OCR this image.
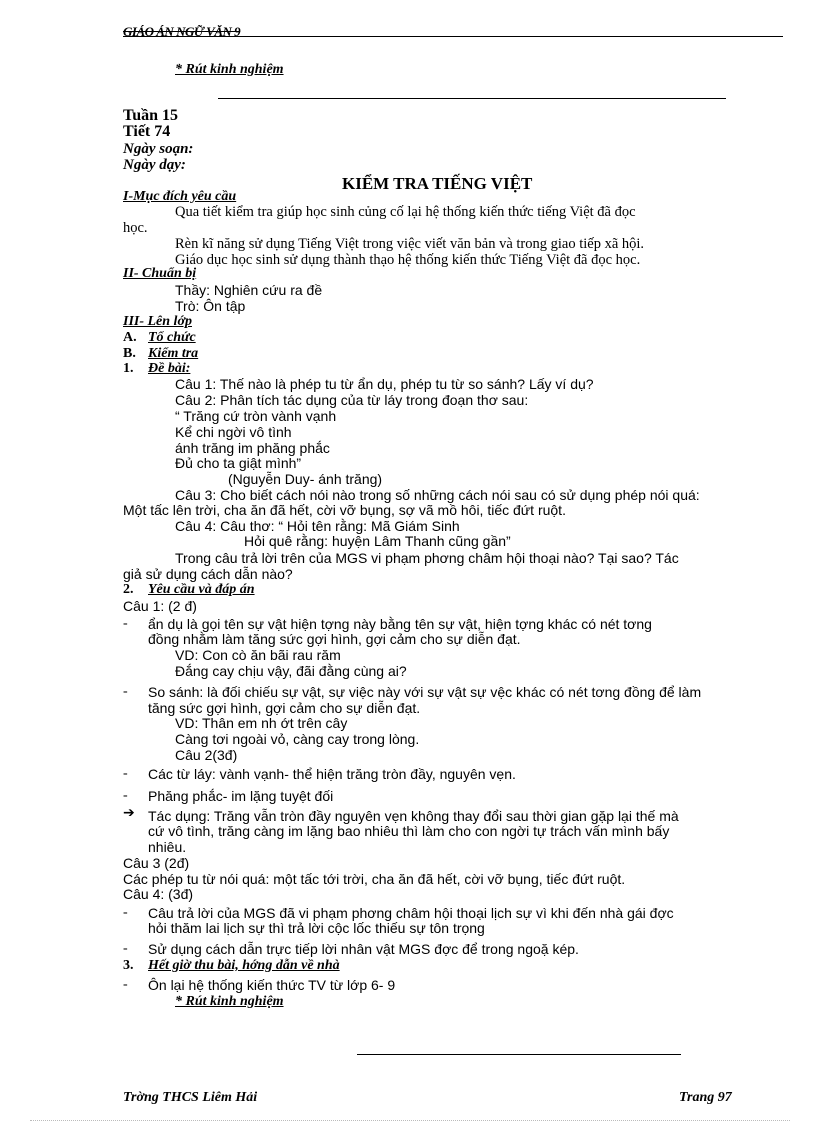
GIÁO ÁN NGỮ VĂN 9
* Rút kinh nghiệm
Tuần 15
Tiết 74
Ngày soạn:
Ngày dạy:
KIỂM TRA TIẾNG VIỆT
I-Mục đích yêu cầu
Qua tiết kiểm tra giúp học sinh củng cố lại hệ thống kiến thức tiếng Việt đã đọc
học.
Rèn kĩ năng sử dụng Tiếng Việt trong việc viết văn bản và trong giao tiếp xã hội.
Giáo dục học sinh sử dụng thành thạo hệ thống kiến thức Tiếng Việt đã đọc học.
II- Chuẩn bị
Thầy: Nghiên cứu ra đề
Trò: Ôn tập
III- Lên lớp
A. Tổ chức
B. Kiểm tra
1. Đề bài:
Câu 1: Thế nào là phép tu từ ẩn dụ, phép tu từ so sánh? Lấy ví dụ?
Câu 2: Phân tích tác dụng của từ láy trong đoạn thơ sau:
“ Trăng cứ tròn vành vạnh
Kể chi ngời vô tình
ánh trăng im phăng phắc
Đủ cho ta giật mình”
(Nguyễn Duy- ánh trăng)
Câu 3: Cho biết cách nói nào trong số những cách nói sau có sử dụng phép nói quá:
Một tấc lên trời, cha ăn đã hết, cời vỡ bụng, sợ vã mồ hôi, tiếc đứt ruột.
Câu 4: Câu thơ: “ Hỏi tên rằng: Mã Giám Sinh
Hỏi quê rằng: huyện Lâm Thanh cũng gần”
Trong câu trả lời trên của MGS vi phạm phơng châm hội thoại nào? Tại sao? Tác
giả sử dụng cách dẫn nào?
2. Yêu cầu và đáp án
Câu 1: (2 đ)
- ẩn dụ là gọi tên sự vật hiện tợng này bằng tên sự vật, hiện tợng khác có nét tơng
đồng nhằm làm tăng sức gợi hình, gợi cảm cho sự diễn đạt.
VD: Con cò ăn bãi rau răm
Đắng cay chịu vậy, đãi đằng cùng ai?
- So sánh: là đối chiếu sự vật, sự việc này với sự vật sự vệc khác có nét tơng đồng để làm
tăng sức gợi hình, gợi cảm cho sự diễn đạt.
VD: Thân em nh ớt trên cây
Càng tơi ngoài vỏ, càng cay trong lòng.
Câu 2(3đ)
- Các từ láy: vành vạnh- thể hiện trăng tròn đầy, nguyên vẹn.
- Phăng phắc- im lặng tuyệt đối
➔ Tác dụng: Trăng vẫn tròn đầy nguyên vẹn không thay đổi sau thời gian gặp lại thế mà
cứ vô tình, trăng càng im lặng bao nhiêu thì làm cho con ngời tự trách vấn mình bấy
nhiêu.
Câu 3 (2đ)
Các phép tu từ nói quá: một tấc tới trời, cha ăn đã hết, cời vỡ bụng, tiếc đứt ruột.
Câu 4: (3đ)
- Câu trả lời của MGS đã vi phạm phơng châm hội thoại lịch sự vì khi đến nhà gái đợc
hỏi thăm lai lịch sự thì trả lời cộc lốc thiếu sự tôn trọng
- Sử dụng cách dẫn trực tiếp lời nhân vật MGS đợc để trong ngoặ kép.
3. Hết giờ thu bài, hớng dẫn về nhà
- Ôn lại hệ thống kiến thức TV từ lớp 6- 9
* Rút kinh nghiệm
Trờng THCS Liêm Hải	Trang 97
